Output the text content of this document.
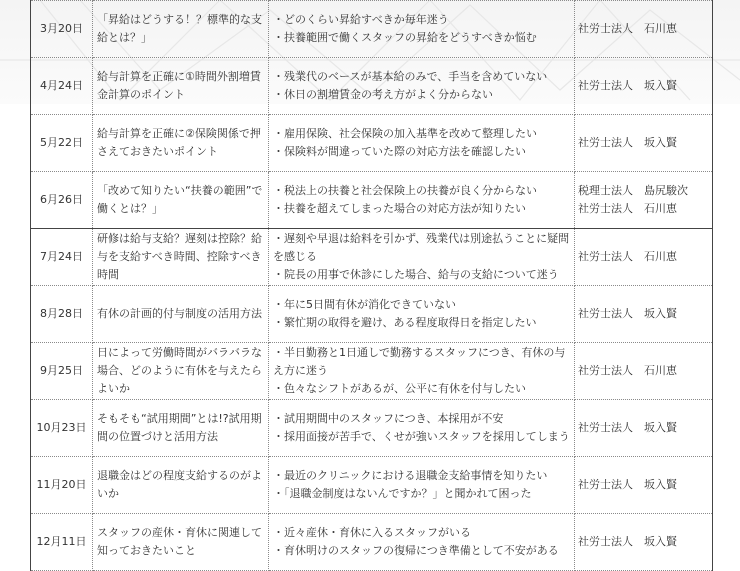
3月20日	「昇給はどうする！？標準的な支給とは？」	・どのくらい昇給すべきか毎年迷う
・扶養範囲で働くスタッフの昇給をどうすべきか悩む	社労士法人　石川恵

4月24日	給与計算を正確に①時間外割増賃金計算のポイント	・残業代のベースが基本給のみで、手当を含めていない
・休日の割増賃金の考え方がよく分からない	社労士法人　坂入賢

5月22日	給与計算を正確に②保険関係で押さえておきたいポイント	・雇用保険、社会保険の加入基準を改めて整理したい
・保険料が間違っていた際の対応方法を確認したい	社労士法人　坂入賢

6月26日	「改めて知りたい“扶養の範囲”で働くとは？」	・税法上の扶養と社会保険上の扶養が良く分からない
・扶養を超えてしまった場合の対応方法が知りたい	税理士法人　島尻駿次
社労士法人　石川恵

7月24日	研修は給与支給？遅刻は控除？給与を支給すべき時間、控除すべき時間	・遅刻や早退は給料を引かず、残業代は別途払うことに疑問を感じる
・院長の用事で休診にした場合、給与の支給について迷う	社労士法人　石川恵

8月28日	有休の計画的付与制度の活用方法	・年に5日間有休が消化できていない
・繁忙期の取得を避け、ある程度取得日を指定したい	社労士法人　坂入賢

9月25日	日によって労働時間がバラバラな場合、どのように有休を与えたらよいか	・半日勤務と1日通しで勤務するスタッフにつき、有休の与え方に迷う
・色々なシフトがあるが、公平に有休を付与したい	社労士法人　石川恵

10月23日	そもそも“試用期間”とは!?試用期間の位置づけと活用方法	・試用期間中のスタッフにつき、本採用が不安
・採用面接が苦手で、くせが強いスタッフを採用してしまう	社労士法人　坂入賢

11月20日	退職金はどの程度支給するのがよいか	・最近のクリニックにおける退職金支給事情を知りたい
・「退職金制度はないんですか？」と聞かれて困った	社労士法人　坂入賢

12月11日	スタッフの産休・育休に関連して知っておきたいこと	・近々産休・育休に入るスタッフがいる
・育休明けのスタッフの復帰につき準備として不安がある	社労士法人　坂入賢
